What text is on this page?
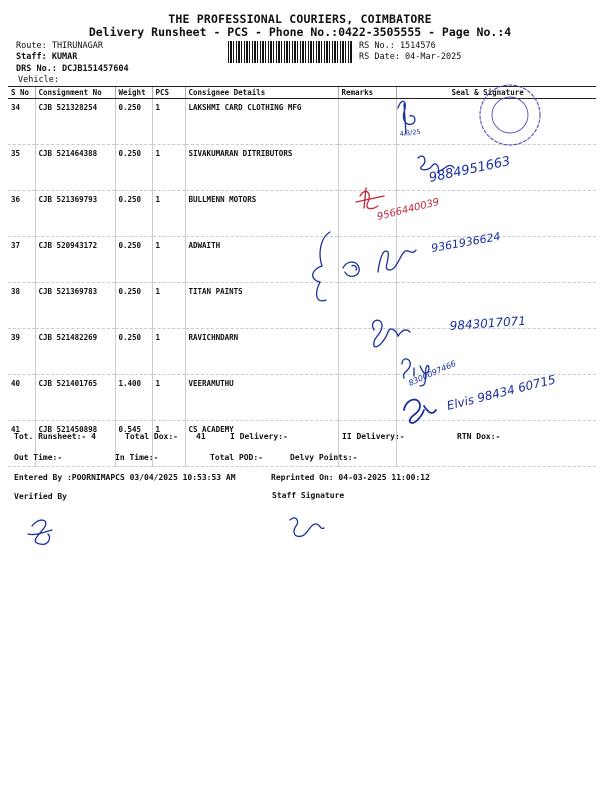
THE PROFESSIONAL COURIERS, COIMBATORE
Delivery Runsheet - PCS - Phone No.:0422-3505555 - Page No.:4
Route: THIRUNAGAR
Staff: KUMAR
DRS No.: DCJB151457604
Vehicle:
RS No.: 1514576
RS Date: 04-Mar-2025
S No	Consignment No	Weight	PCS	Consignee Details	Remarks	Seal & Signature
34	CJB 521328254	0.250	1	LAKSHMI CARD CLOTHING MFG		
35	CJB 521464388	0.250	1	SIVAKUMARAN DITRIBUTORS		
36	CJB 521369793	0.250	1	BULLMENN MOTORS		
37	CJB 520943172	0.250	1	ADWAITH		
38	CJB 521369783	0.250	1	TITAN PAINTS		
39	CJB 521482269	0.250	1	RAVICHNDARN		
40	CJB 521401765	1.400	1	VEERAMUTHU		
41	CJB 521450898	0.545	1	CS ACADEMY		
Tot. Runsheet:- 4	Total Dox:- 41	I Delivery:-	II Delivery:-	RTN Dox:-
Out Time:-	In Time:-	Total POD:-	Delvy Points:-
Entered By :POORNIMAPCS 03/04/2025 10:53:53 AM	Reprinted On: 04-03-2025 11:00:12
Verified By	Staff Signature
4/3/25
9884951663
9566440039
9361936624
9843017071
8300097466
Elvis 98434 60715
